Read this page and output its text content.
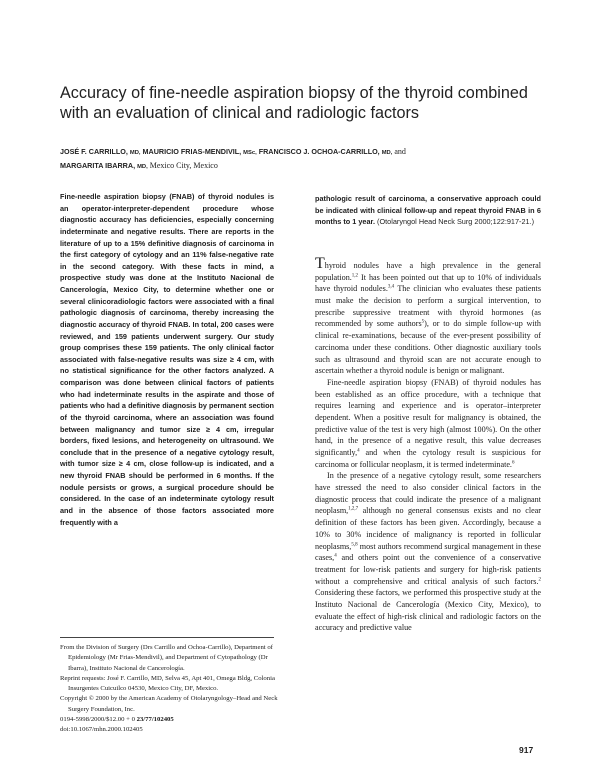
Accuracy of fine-needle aspiration biopsy of the thyroid combined with an evaluation of clinical and radiologic factors
JOSÉ F. CARRILLO, MD, MAURICIO FRIAS-MENDIVIL, MSc, FRANCISCO J. OCHOA-CARRILLO, MD, and
MARGARITA IBARRA, MD, Mexico City, Mexico
Fine-needle aspiration biopsy (FNAB) of thyroid nodules is an operator-interpreter-dependent procedure whose diagnostic accuracy has deficiencies, especially concerning indeterminate and negative results. There are reports in the literature of up to a 15% definitive diagnosis of carcinoma in the first category of cytology and an 11% false-negative rate in the second category. With these facts in mind, a prospective study was done at the Instituto Nacional de Cancerología, Mexico City, to determine whether one or several clinicoradiologic factors were associated with a final pathologic diagnosis of carcinoma, thereby increasing the diagnostic accuracy of thyroid FNAB. In total, 200 cases were reviewed, and 159 patients underwent surgery. Our study group comprises these 159 patients. The only clinical factor associated with false-negative results was size ≥ 4 cm, with no statistical significance for the other factors analyzed. A comparison was done between clinical factors of patients who had indeterminate results in the aspirate and those of patients who had a definitive diagnosis by permanent section of the thyroid carcinoma, where an association was found between malignancy and tumor size ≥ 4 cm, irregular borders, fixed lesions, and heterogeneity on ultrasound. We conclude that in the presence of a negative cytology result, with tumor size ≥ 4 cm, close follow-up is indicated, and a new thyroid FNAB should be performed in 6 months. If the nodule persists or grows, a surgical procedure should be considered. In the case of an indeterminate cytology result and in the absence of those factors associated more frequently with a
pathologic result of carcinoma, a conservative approach could be indicated with clinical follow-up and repeat thyroid FNAB in 6 months to 1 year. (Otolaryngol Head Neck Surg 2000;122:917-21.)

Thyroid nodules have a high prevalence in the general population.$^{1,2}$ It has been pointed out that up to 10% of individuals have thyroid nodules.$^{3,4}$ The clinician who evaluates these patients must make the decision to perform a surgical intervention, to prescribe suppressive treatment with thyroid hormones (as recommended by some authors$^5$), or to do simple follow-up with clinical re-examinations, because of the ever-present possibility of carcinoma under these conditions. Other diagnostic auxiliary tools such as ultrasound and thyroid scan are not accurate enough to ascertain whether a thyroid nodule is benign or malignant.

Fine-needle aspiration biopsy (FNAB) of thyroid nodules has been established as an office procedure, with a technique that requires learning and experience and is operator–interpreter dependent. When a positive result for malignancy is obtained, the predictive value of the test is very high (almost 100%). On the other hand, in the presence of a negative result, this value decreases significantly,$^4$ and when the cytology result is suspicious for carcinoma or follicular neoplasm, it is termed indeterminate.$^6$

In the presence of a negative cytology result, some researchers have stressed the need to also consider clinical factors in the diagnostic process that could indicate the presence of a malignant neoplasm,$^{1,2,7}$ although no general consensus exists and no clear definition of these factors has been given. Accordingly, because a 10% to 30% incidence of malignancy is reported in follicular neoplasms,$^{5,8}$ most authors recommend surgical management in these cases,$^4$ and others point out the convenience of a conservative treatment for low-risk patients and surgery for high-risk patients without a comprehensive and critical analysis of such factors.$^2$ Considering these factors, we performed this prospective study at the Instituto Nacional de Cancerología (Mexico City, Mexico), to evaluate the effect of high-risk clinical and radiologic factors on the accuracy and predictive value

From the Division of Surgery (Drs Carrillo and Ochoa-Carrillo), Department of Epidemiology (Mr Frias-Mendivil), and Department of Cytopathology (Dr Ibarra), Instituto Nacional de Cancerología.

Reprint requests: José F. Carrillo, MD, Selva 45, Apt 401, Omega Bldg, Colonia Insurgentes Cuicuilco 04530, Mexico City, DF, Mexico.

Copyright © 2000 by the American Academy of Otolaryngology–Head and Neck Surgery Foundation, Inc.

0194-5998/2000/$12.00 + 0 23/77/102405

doi:10.1067/mhn.2000.102405

917
